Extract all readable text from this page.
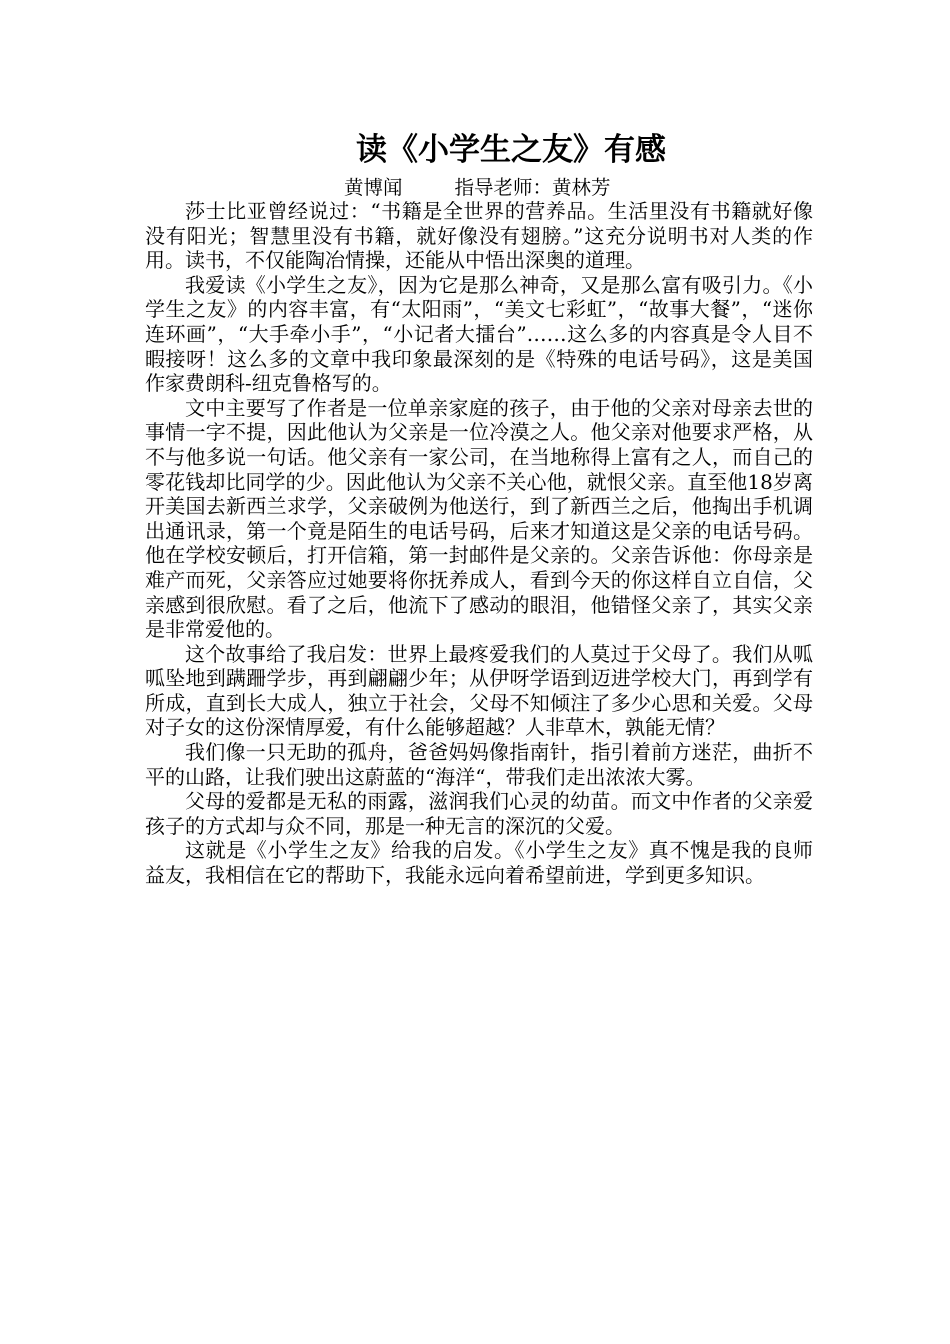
读《小学生之友》有感
黄博闻	指导老师：黄林芳

莎士比亚曾经说过：“书籍是全世界的营养品。生活里没有书籍就好像没有阳光；智慧里没有书籍，就好像没有翅膀。”这充分说明书对人类的作用。读书，不仅能陶冶情操，还能从中悟出深奥的道理。

我爱读《小学生之友》，因为它是那么神奇，又是那么富有吸引力。《小学生之友》的内容丰富，有“太阳雨”，“美文七彩虹”，“故事大餐”，“迷你连环画”，“大手牵小手”，“小记者大擂台”……这么多的内容真是令人目不暇接呀！这么多的文章中我印象最深刻的是《特殊的电话号码》，这是美国作家费朗科-纽克鲁格写的。

文中主要写了作者是一位单亲家庭的孩子，由于他的父亲对母亲去世的事情一字不提，因此他认为父亲是一位冷漠之人。他父亲对他要求严格，从不与他多说一句话。他父亲有一家公司，在当地称得上富有之人，而自己的零花钱却比同学的少。因此他认为父亲不关心他，就恨父亲。直至他18岁离开美国去新西兰求学，父亲破例为他送行，到了新西兰之后，他掏出手机调出通讯录，第一个竟是陌生的电话号码，后来才知道这是父亲的电话号码。他在学校安顿后，打开信箱，第一封邮件是父亲的。父亲告诉他：你母亲是难产而死，父亲答应过她要将你抚养成人，看到今天的你这样自立自信，父亲感到很欣慰。看了之后，他流下了感动的眼泪，他错怪父亲了，其实父亲是非常爱他的。

这个故事给了我启发：世界上最疼爱我们的人莫过于父母了。我们从呱呱坠地到蹒跚学步，再到翩翩少年；从伊呀学语到迈进学校大门，再到学有所成，直到长大成人，独立于社会，父母不知倾注了多少心思和关爱。父母对子女的这份深情厚爱，有什么能够超越？人非草木，孰能无情？

我们像一只无助的孤舟，爸爸妈妈像指南针，指引着前方迷茫，曲折不平的山路，让我们驶出这蔚蓝的“海洋“，带我们走出浓浓大雾。

父母的爱都是无私的雨露，滋润我们心灵的幼苗。而文中作者的父亲爱孩子的方式却与众不同，那是一种无言的深沉的父爱。

这就是《小学生之友》给我的启发。《小学生之友》真不愧是我的良师益友，我相信在它的帮助下，我能永远向着希望前进，学到更多知识。
